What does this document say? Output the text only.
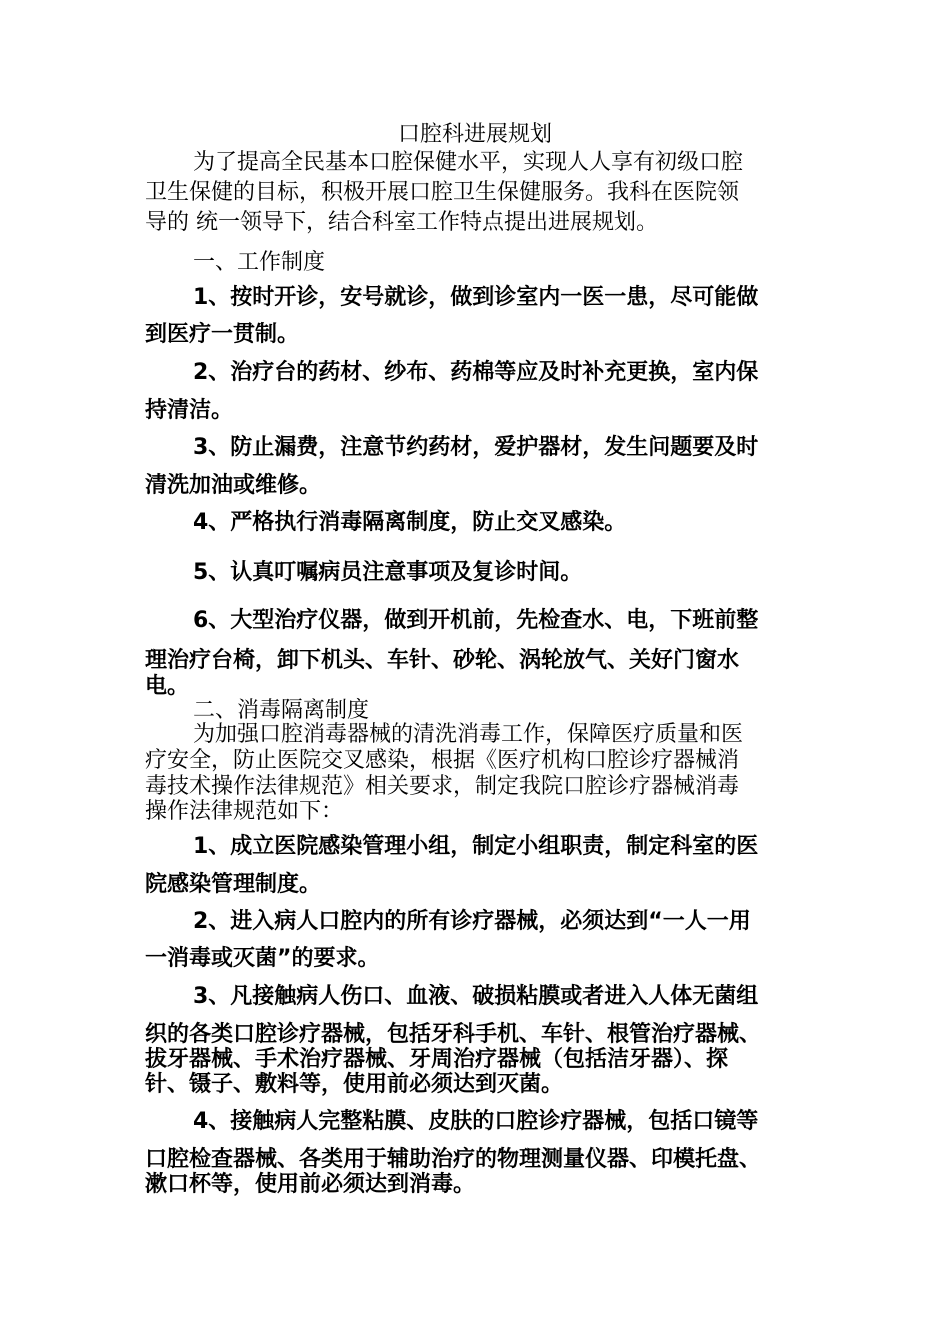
口腔科进展规划
为了提高全民基本口腔保健水平，实现人人享有初级口腔
卫生保健的目标，积极开展口腔卫生保健服务。我科在医院领
导的 统一领导下，结合科室工作特点提出进展规划。
一、工作制度
1、按时开诊，安号就诊，做到诊室内一医一患，尽可能做
到医疗一贯制。
2、治疗台的药材、纱布、药棉等应及时补充更换，室内保
持清洁。
3、防止漏费，注意节约药材，爱护器材，发生问题要及时
清洗加油或维修。
4、严格执行消毒隔离制度，防止交叉感染。
5、认真叮嘱病员注意事项及复诊时间。
6、大型治疗仪器，做到开机前，先检查水、电，下班前整
理治疗台椅，卸下机头、车针、砂轮、涡轮放气、关好门窗水
电。
二、消毒隔离制度
为加强口腔消毒器械的清洗消毒工作，保障医疗质量和医
疗安全，防止医院交叉感染，根据《医疗机构口腔诊疗器械消
毒技术操作法律规范》相关要求，制定我院口腔诊疗器械消毒
操作法律规范如下：
1、成立医院感染管理小组，制定小组职责，制定科室的医
院感染管理制度。
2、进入病人口腔内的所有诊疗器械，必须达到“一人一用
一消毒或灭菌”的要求。
3、凡接触病人伤口、血液、破损粘膜或者进入人体无菌组
织的各类口腔诊疗器械，包括牙科手机、车针、根管治疗器械、
拔牙器械、手术治疗器械、牙周治疗器械（包括洁牙器）、探
针、镊子、敷料等，使用前必须达到灭菌。
4、接触病人完整粘膜、皮肤的口腔诊疗器械，包括口镜等
口腔检查器械、各类用于辅助治疗的物理测量仪器、印模托盘、
漱口杯等，使用前必须达到消毒。
